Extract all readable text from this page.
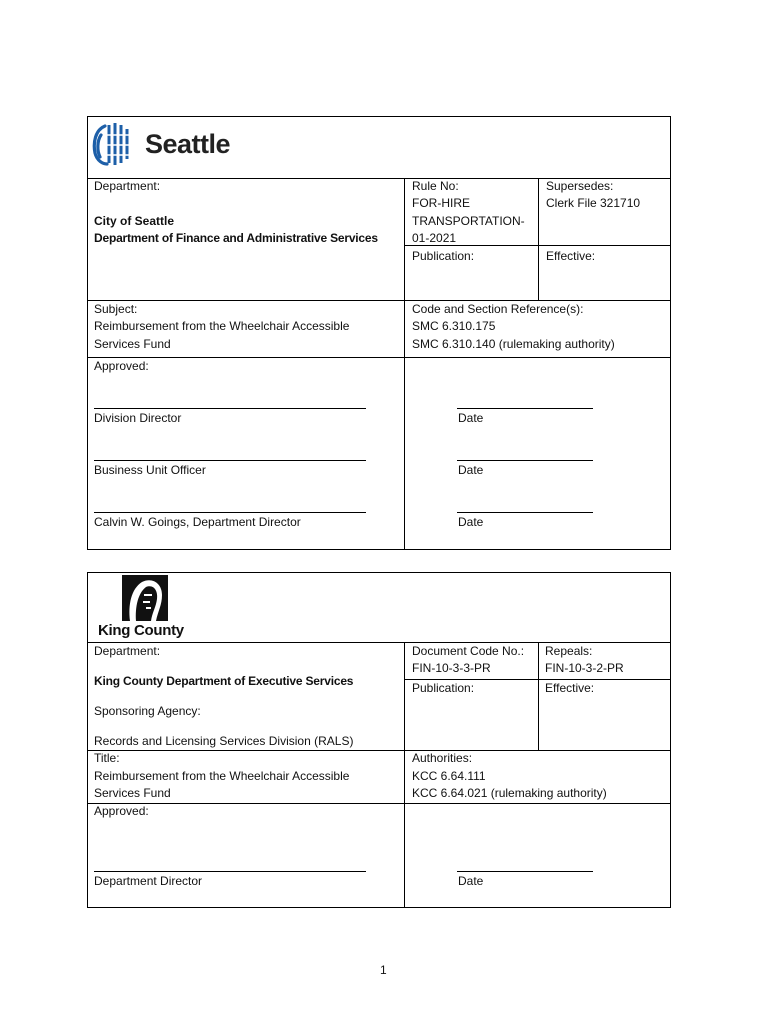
Seattle
Department:
City of Seattle
Department of Finance and Administrative Services
Rule No:
FOR-HIRE
TRANSPORTATION-
01-2021
Supersedes:
Clerk File 321710
Publication:	Effective:
Subject:
Reimbursement from the Wheelchair Accessible
Services Fund
Code and Section Reference(s):
SMC 6.310.175
SMC 6.310.140 (rulemaking authority)
Approved:
Division Director	Date
Business Unit Officer	Date
Calvin W. Goings, Department Director	Date
King County
Department:
King County Department of Executive Services
Sponsoring Agency:
Records and Licensing Services Division (RALS)
Document Code No.:
FIN-10-3-3-PR
Repeals:
FIN-10-3-2-PR
Publication:	Effective:
Title:
Reimbursement from the Wheelchair Accessible
Services Fund
Authorities:
KCC 6.64.111
KCC 6.64.021 (rulemaking authority)
Approved:
Department Director	Date
1
